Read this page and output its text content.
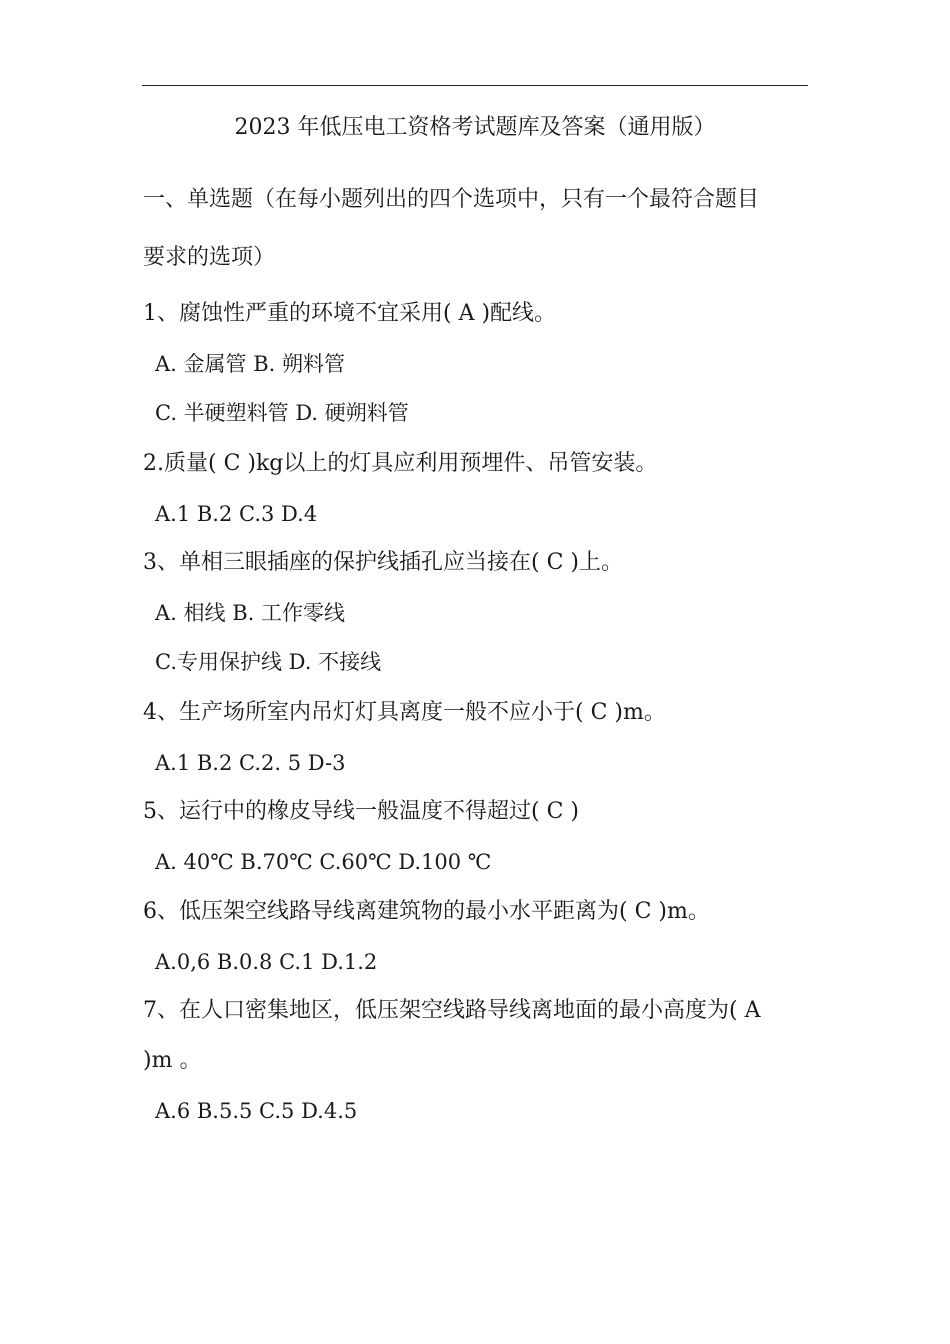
2023 年低压电工资格考试题库及答案（通用版）
一、单选题（在每小题列出的四个选项中，只有一个最符合题目
要求的选项）
1、腐蚀性严重的环境不宜采用( A )配线。
A. 金属管 B. 朔料管
C. 半硬塑料管 D. 硬朔料管
2.质量( C )kg以上的灯具应利用预埋件、吊管安装。
A.1 B.2 C.3 D.4
3、单相三眼插座的保护线插孔应当接在( C )上。
A. 相线 B. 工作零线
C.专用保护线 D. 不接线
4、生产场所室内吊灯灯具离度一般不应小于( C )m。
A.1 B.2 C.2. 5 D-3
5、运行中的橡皮导线一般温度不得超过( C )
A. 40℃ B.70℃ C.60℃ D.100 ℃
6、低压架空线路导线离建筑物的最小水平距离为( C )m。
A.0,6 B.0.8 C.1 D.1.2
7、在人口密集地区，低压架空线路导线离地面的最小高度为( A
)m 。
A.6 B.5.5 C.5 D.4.5
